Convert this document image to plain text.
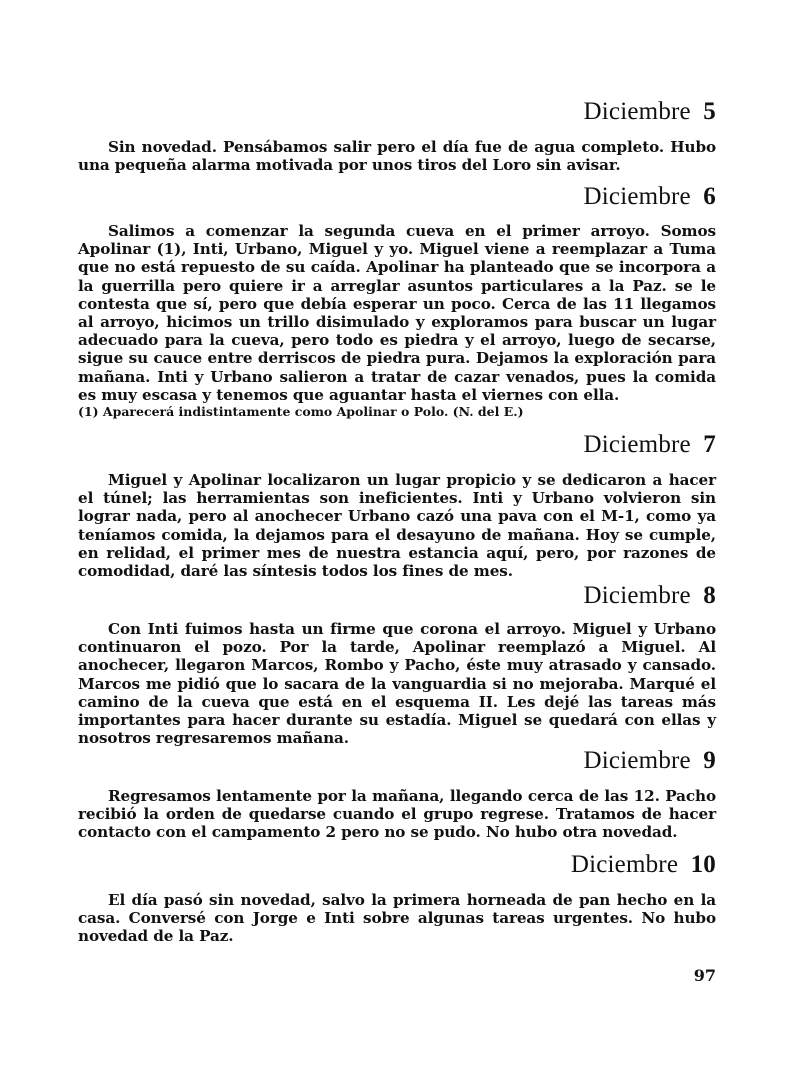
Diciembre 5

Sin novedad. Pensábamos salir pero el día fue de agua completo. Hubo una pequeña alarma motivada por unos tiros del Loro sin avisar.

Diciembre 6

Salimos a comenzar la segunda cueva en el primer arroyo. Somos Apolinar (1), Inti, Urbano, Miguel y yo. Miguel viene a reemplazar a Tuma que no está repuesto de su caída. Apolinar ha planteado que se incorpora a la guerrilla pero quiere ir a arreglar asuntos particulares a la Paz. se le contesta que sí, pero que debía esperar un poco. Cerca de las 11 llegamos al arroyo, hicimos un trillo disimulado y exploramos para buscar un lugar adecuado para la cueva, pero todo es piedra y el arroyo, luego de secarse, sigue su cauce entre derriscos de piedra pura. Dejamos la exploración para mañana. Inti y Urbano salieron a tratar de cazar venados, pues la comida es muy escasa y tenemos que aguantar hasta el viernes con ella.

(1) Aparecerá indistintamente como Apolinar o Polo. (N. del E.)

Diciembre 7

Miguel y Apolinar localizaron un lugar propicio y se dedicaron a hacer el túnel; las herramientas son ineficientes. Inti y Urbano volvieron sin lograr nada, pero al anochecer Urbano cazó una pava con el M-1, como ya teníamos comida, la dejamos para el desayuno de mañana. Hoy se cumple, en relidad, el primer mes de nuestra estancia aquí, pero, por razones de comodidad, daré las síntesis todos los fines de mes.

Diciembre 8

Con Inti fuimos hasta un firme que corona el arroyo. Miguel y Urbano continuaron el pozo. Por la tarde, Apolinar reemplazó a Miguel. Al anochecer, llegaron Marcos, Rombo y Pacho, éste muy atrasado y cansado. Marcos me pidió que lo sacara de la vanguardia si no mejoraba. Marqué el camino de la cueva que está en el esquema II. Les dejé las tareas más importantes para hacer durante su estadía. Miguel se quedará con ellas y nosotros regresaremos mañana.

Diciembre 9

Regresamos lentamente por la mañana, llegando cerca de las 12. Pacho recibió la orden de quedarse cuando el grupo regrese. Tratamos de hacer contacto con el campamento 2 pero no se pudo. No hubo otra novedad.

Diciembre 10

El día pasó sin novedad, salvo la primera horneada de pan hecho en la casa. Conversé con Jorge e Inti sobre algunas tareas urgentes. No hubo novedad de la Paz.

97
